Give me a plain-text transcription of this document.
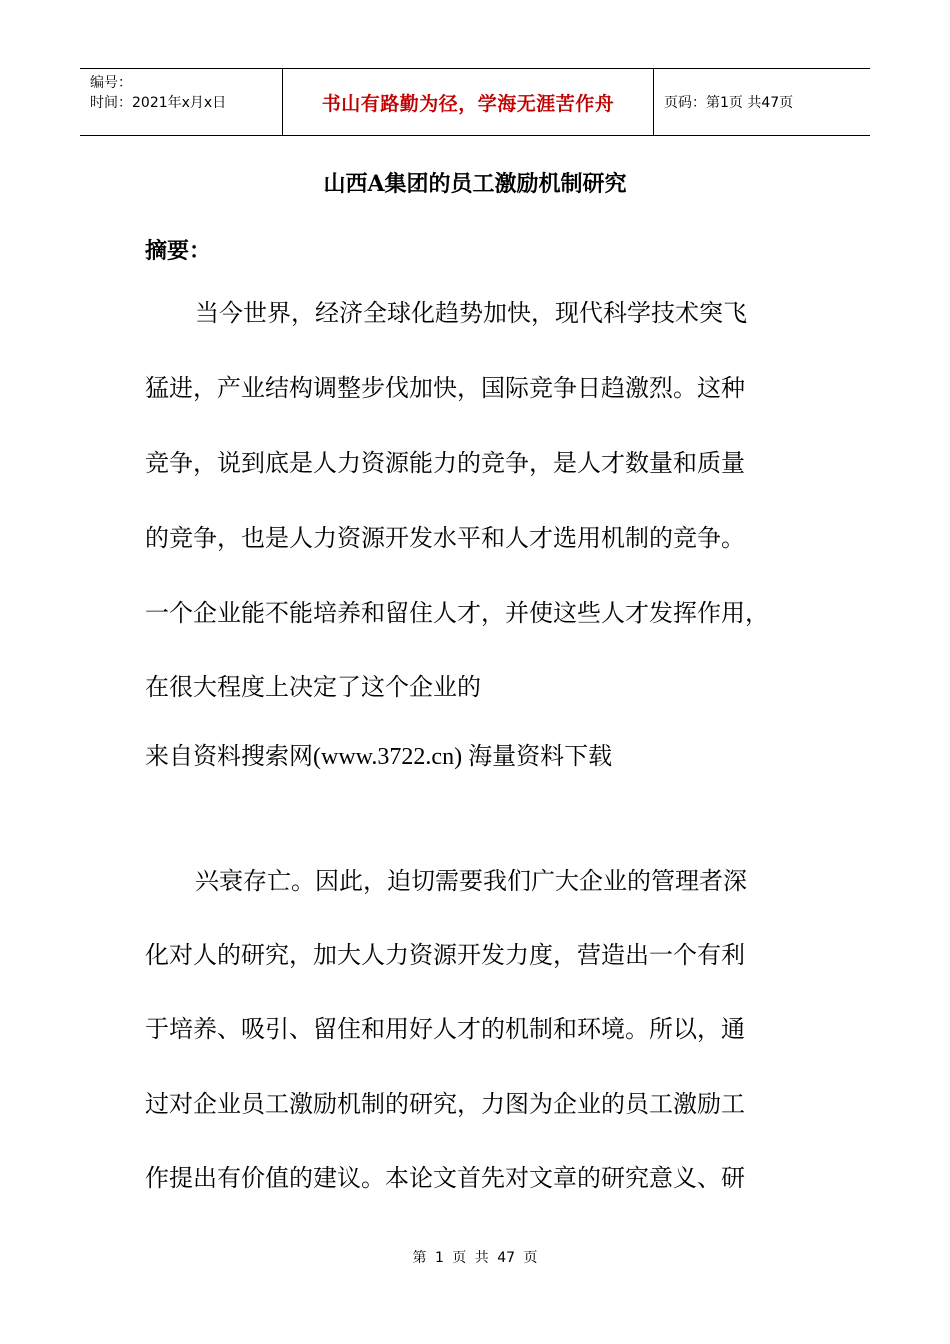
编号：
时间：2021年x月x日	书山有路勤为径，学海无涯苦作舟	页码：第1页 共47页
山西A集团的员工激励机制研究
摘要：
当今世界，经济全球化趋势加快，现代科学技术突飞
猛进，产业结构调整步伐加快，国际竞争日趋激烈。这种
竞争，说到底是人力资源能力的竞争，是人才数量和质量
的竞争，也是人力资源开发水平和人才选用机制的竞争。
一个企业能不能培养和留住人才，并使这些人才发挥作用，
在很大程度上决定了这个企业的
来自资料搜索网(www.3722.cn) 海量资料下载
兴衰存亡。因此，迫切需要我们广大企业的管理者深
化对人的研究，加大人力资源开发力度，营造出一个有利
于培养、吸引、留住和用好人才的机制和环境。所以，通
过对企业员工激励机制的研究，力图为企业的员工激励工
作提出有价值的建议。本论文首先对文章的研究意义、研
第 1 页 共 47 页
